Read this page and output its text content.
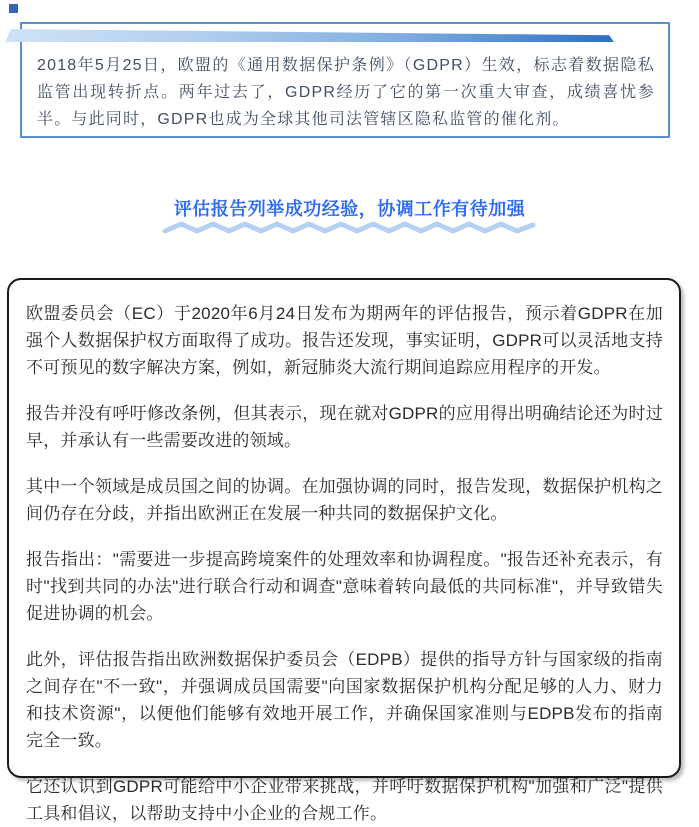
2018年5月25日，欧盟的《通用数据保护条例》（GDPR）生效，标志着数据隐私监管出现转折点。两年过去了，GDPR经历了它的第一次重大审查，成绩喜忧参半。与此同时，GDPR也成为全球其他司法管辖区隐私监管的催化剂。
评估报告列举成功经验，协调工作有待加强

欧盟委员会（EC）于2020年6月24日发布为期两年的评估报告，预示着GDPR在加强个人数据保护权方面取得了成功。报告还发现，事实证明，GDPR可以灵活地支持不可预见的数字解决方案，例如，新冠肺炎大流行期间追踪应用程序的开发。

报告并没有呼吁修改条例，但其表示，现在就对GDPR的应用得出明确结论还为时过早，并承认有一些需要改进的领域。

其中一个领域是成员国之间的协调。在加强协调的同时，报告发现，数据保护机构之间仍存在分歧，并指出欧洲正在发展一种共同的数据保护文化。

报告指出："需要进一步提高跨境案件的处理效率和协调程度。"报告还补充表示，有时"找到共同的办法"进行联合行动和调查"意味着转向最低的共同标准"，并导致错失促进协调的机会。

此外，评估报告指出欧洲数据保护委员会（EDPB）提供的指导方针与国家级的指南之间存在"不一致"，并强调成员国需要"向国家数据保护机构分配足够的人力、财力和技术资源"，以便他们能够有效地开展工作，并确保国家准则与EDPB发布的指南完全一致。

它还认识到GDPR可能给中小企业带来挑战，并呼吁数据保护机构"加强和广泛"提供工具和倡议，以帮助支持中小企业的合规工作。
